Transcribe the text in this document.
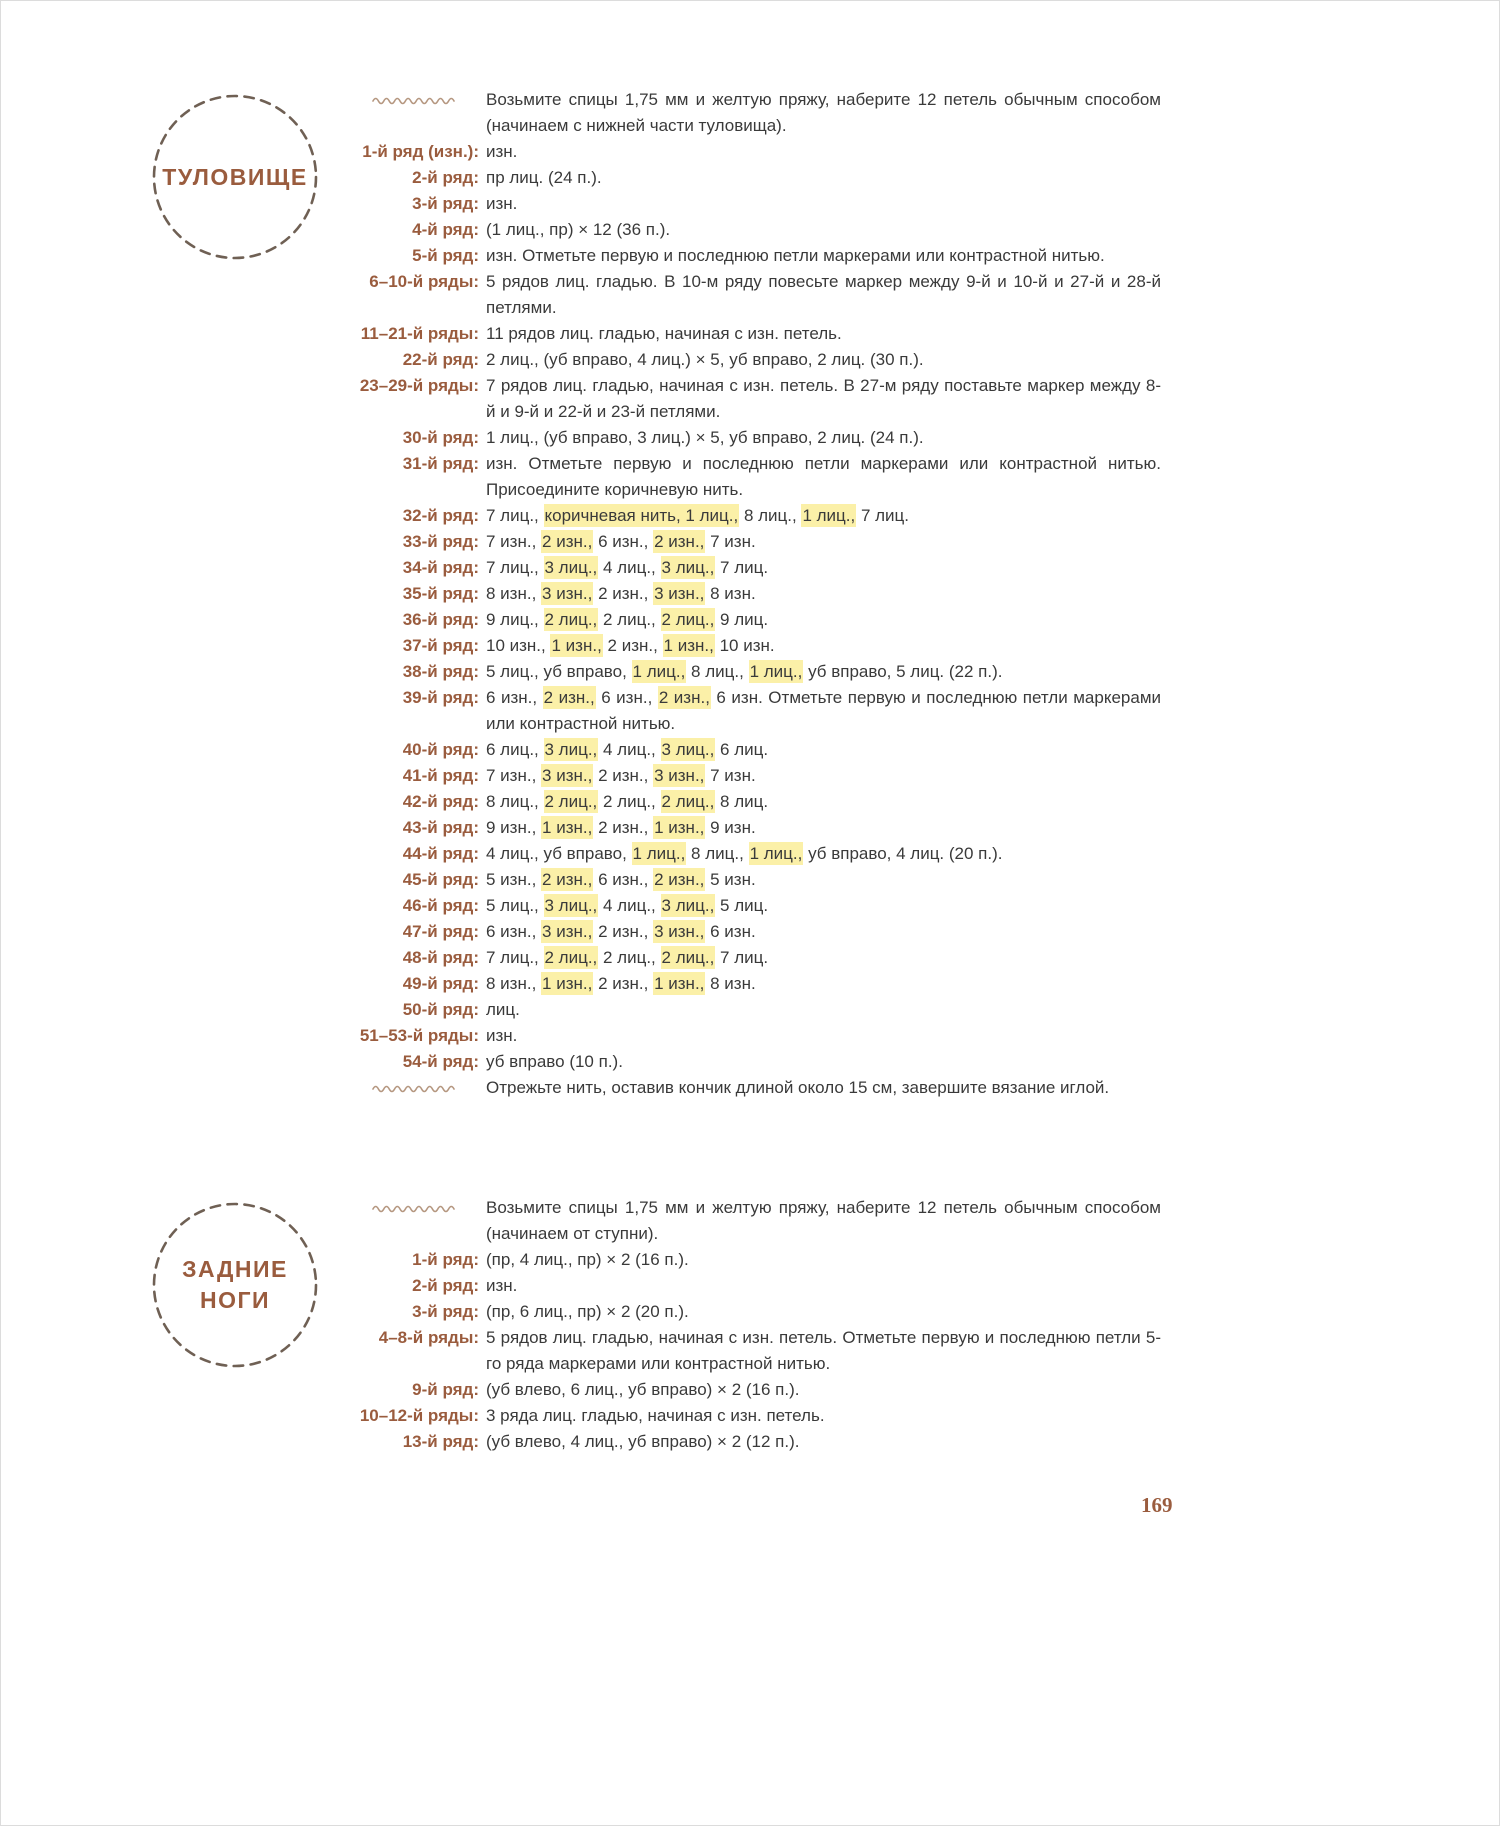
ТУЛОВИЩЕ
Возьмите спицы 1,75 мм и желтую пряжу, наберите 12 петель обычным способом (начинаем с нижней части туловища).
1-й ряд (изн.): изн.
2-й ряд: пр лиц. (24 п.).
3-й ряд: изн.
4-й ряд: (1 лиц., пр) × 12 (36 п.).
5-й ряд: изн. Отметьте первую и последнюю петли маркерами или контрастной нитью.
6–10-й ряды: 5 рядов лиц. гладью. В 10-м ряду повесьте маркер между 9-й и 10-й и 27-й и 28-й петлями.
11–21-й ряды: 11 рядов лиц. гладью, начиная с изн. петель.
22-й ряд: 2 лиц., (уб вправо, 4 лиц.) × 5, уб вправо, 2 лиц. (30 п.).
23–29-й ряды: 7 рядов лиц. гладью, начиная с изн. петель. В 27-м ряду поставьте маркер между 8-й и 9-й и 22-й и 23-й петлями.
30-й ряд: 1 лиц., (уб вправо, 3 лиц.) × 5, уб вправо, 2 лиц. (24 п.).
31-й ряд: изн. Отметьте первую и последнюю петли маркерами или контрастной нитью. Присоедините коричневую нить.
32-й ряд: 7 лиц., коричневая нить, 1 лиц., 8 лиц., 1 лиц., 7 лиц.
33-й ряд: 7 изн., 2 изн., 6 изн., 2 изн., 7 изн.
34-й ряд: 7 лиц., 3 лиц., 4 лиц., 3 лиц., 7 лиц.
35-й ряд: 8 изн., 3 изн., 2 изн., 3 изн., 8 изн.
36-й ряд: 9 лиц., 2 лиц., 2 лиц., 2 лиц., 9 лиц.
37-й ряд: 10 изн., 1 изн., 2 изн., 1 изн., 10 изн.
38-й ряд: 5 лиц., уб вправо, 1 лиц., 8 лиц., 1 лиц., уб вправо, 5 лиц. (22 п.).
39-й ряд: 6 изн., 2 изн., 6 изн., 2 изн., 6 изн. Отметьте первую и последнюю петли маркерами или контрастной нитью.
40-й ряд: 6 лиц., 3 лиц., 4 лиц., 3 лиц., 6 лиц.
41-й ряд: 7 изн., 3 изн., 2 изн., 3 изн., 7 изн.
42-й ряд: 8 лиц., 2 лиц., 2 лиц., 2 лиц., 8 лиц.
43-й ряд: 9 изн., 1 изн., 2 изн., 1 изн., 9 изн.
44-й ряд: 4 лиц., уб вправо, 1 лиц., 8 лиц., 1 лиц., уб вправо, 4 лиц. (20 п.).
45-й ряд: 5 изн., 2 изн., 6 изн., 2 изн., 5 изн.
46-й ряд: 5 лиц., 3 лиц., 4 лиц., 3 лиц., 5 лиц.
47-й ряд: 6 изн., 3 изн., 2 изн., 3 изн., 6 изн.
48-й ряд: 7 лиц., 2 лиц., 2 лиц., 2 лиц., 7 лиц.
49-й ряд: 8 изн., 1 изн., 2 изн., 1 изн., 8 изн.
50-й ряд: лиц.
51–53-й ряды: изн.
54-й ряд: уб вправо (10 п.).
Отрежьте нить, оставив кончик длиной около 15 см, завершите вязание иглой.
ЗАДНИЕ
НОГИ
Возьмите спицы 1,75 мм и желтую пряжу, наберите 12 петель обычным способом (начинаем от ступни).
1-й ряд: (пр, 4 лиц., пр) × 2 (16 п.).
2-й ряд: изн.
3-й ряд: (пр, 6 лиц., пр) × 2 (20 п.).
4–8-й ряды: 5 рядов лиц. гладью, начиная с изн. петель. Отметьте первую и последнюю петли 5-го ряда маркерами или контрастной нитью.
9-й ряд: (уб влево, 6 лиц., уб вправо) × 2 (16 п.).
10–12-й ряды: 3 ряда лиц. гладью, начиная с изн. петель.
13-й ряд: (уб влево, 4 лиц., уб вправо) × 2 (12 п.).
169
